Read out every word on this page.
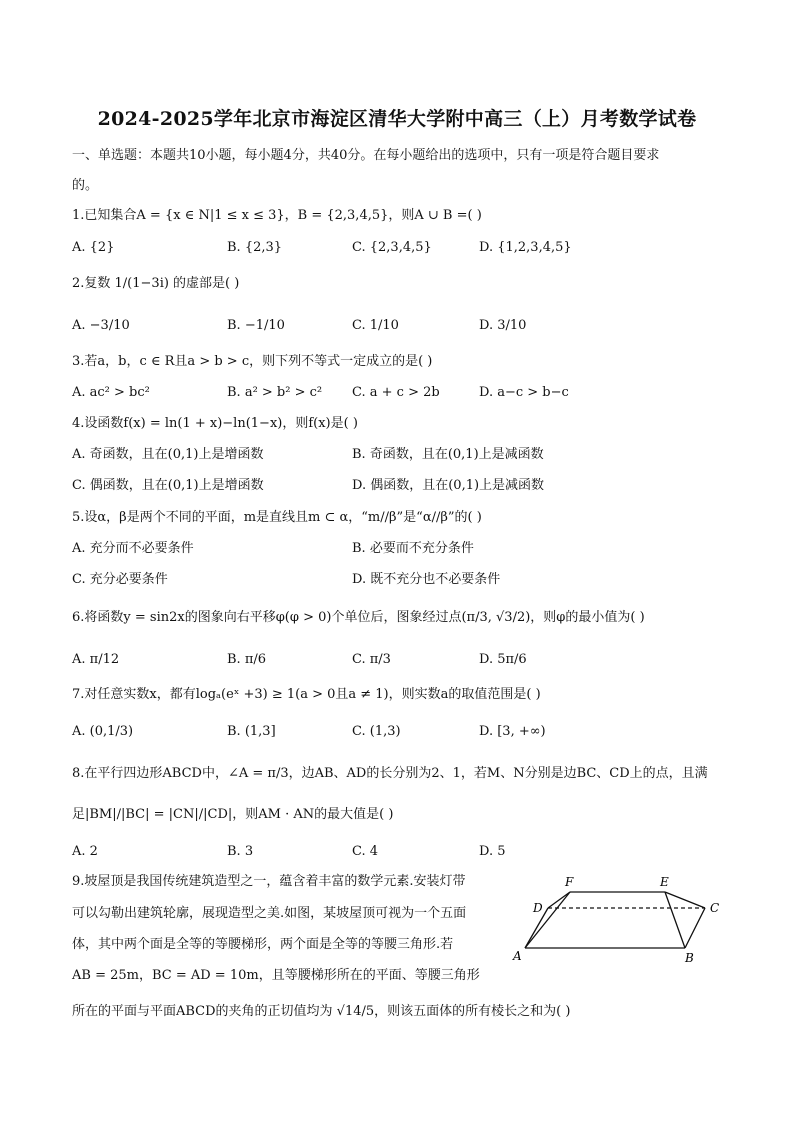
2024-2025学年北京市海淀区清华大学附中高三（上）月考数学试卷
一、单选题：本题共10小题，每小题4分，共40分。在每小题给出的选项中，只有一项是符合题目要求
的。
1.已知集合A = {x ∈ N|1 ≤ x ≤ 3}，B = {2,3,4,5}，则A ∪ B =( )
A. {2}	B. {2,3}	C. {2,3,4,5}	D. {1,2,3,4,5}
2.复数 1/(1−3i) 的虚部是( )
A. −3/10	B. −1/10	C. 1/10	D. 3/10
3.若a，b，c ∈ R且a > b > c，则下列不等式一定成立的是( )
A. ac² > bc²	B. a² > b² > c² C. a + c > 2b	D. a−c > b−c
4.设函数f(x) = ln(1 + x)−ln(1−x)，则f(x)是( )
A. 奇函数，且在(0,1)上是增函数	B. 奇函数，且在(0,1)上是减函数
C. 偶函数，且在(0,1)上是增函数	D. 偶函数，且在(0,1)上是减函数
5.设α，β是两个不同的平面，m是直线且m ⊂ α，“m//β”是“α//β”的( )
A. 充分而不必要条件	B. 必要而不充分条件
C. 充分必要条件	D. 既不充分也不必要条件
6.将函数y = sin2x的图象向右平移φ(φ > 0)个单位后，图象经过点(π/3, √3/2)，则φ的最小值为( )
A. π/12	B. π/6	C. π/3	D. 5π/6
7.对任意实数x，都有logₐ(eˣ +3) ≥ 1(a > 0且a ≠ 1)，则实数a的取值范围是( )
A. (0,1/3)	B. (1,3]	C. (1,3)	D. [3, +∞)
8.在平行四边形ABCD中，∠A = π/3，边AB、AD的长分别为2、1，若M、N分别是边BC、CD上的点，且满
足|BM|/|BC| = |CN|/|CD|，则AM · AN的最大值是( )
A. 2	B. 3	C. 4	D. 5
9.坡屋顶是我国传统建筑造型之一，蕴含着丰富的数学元素.安装灯带
可以勾勒出建筑轮廓，展现造型之美.如图，某坡屋顶可视为一个五面
体，其中两个面是全等的等腰梯形，两个面是全等的等腰三角形.若
AB = 25m，BC = AD = 10m，且等腰梯形所在的平面、等腰三角形
所在的平面与平面ABCD的夹角的正切值均为 √14/5，则该五面体的所有棱长之和为( )
F	E
D	C
A	B
